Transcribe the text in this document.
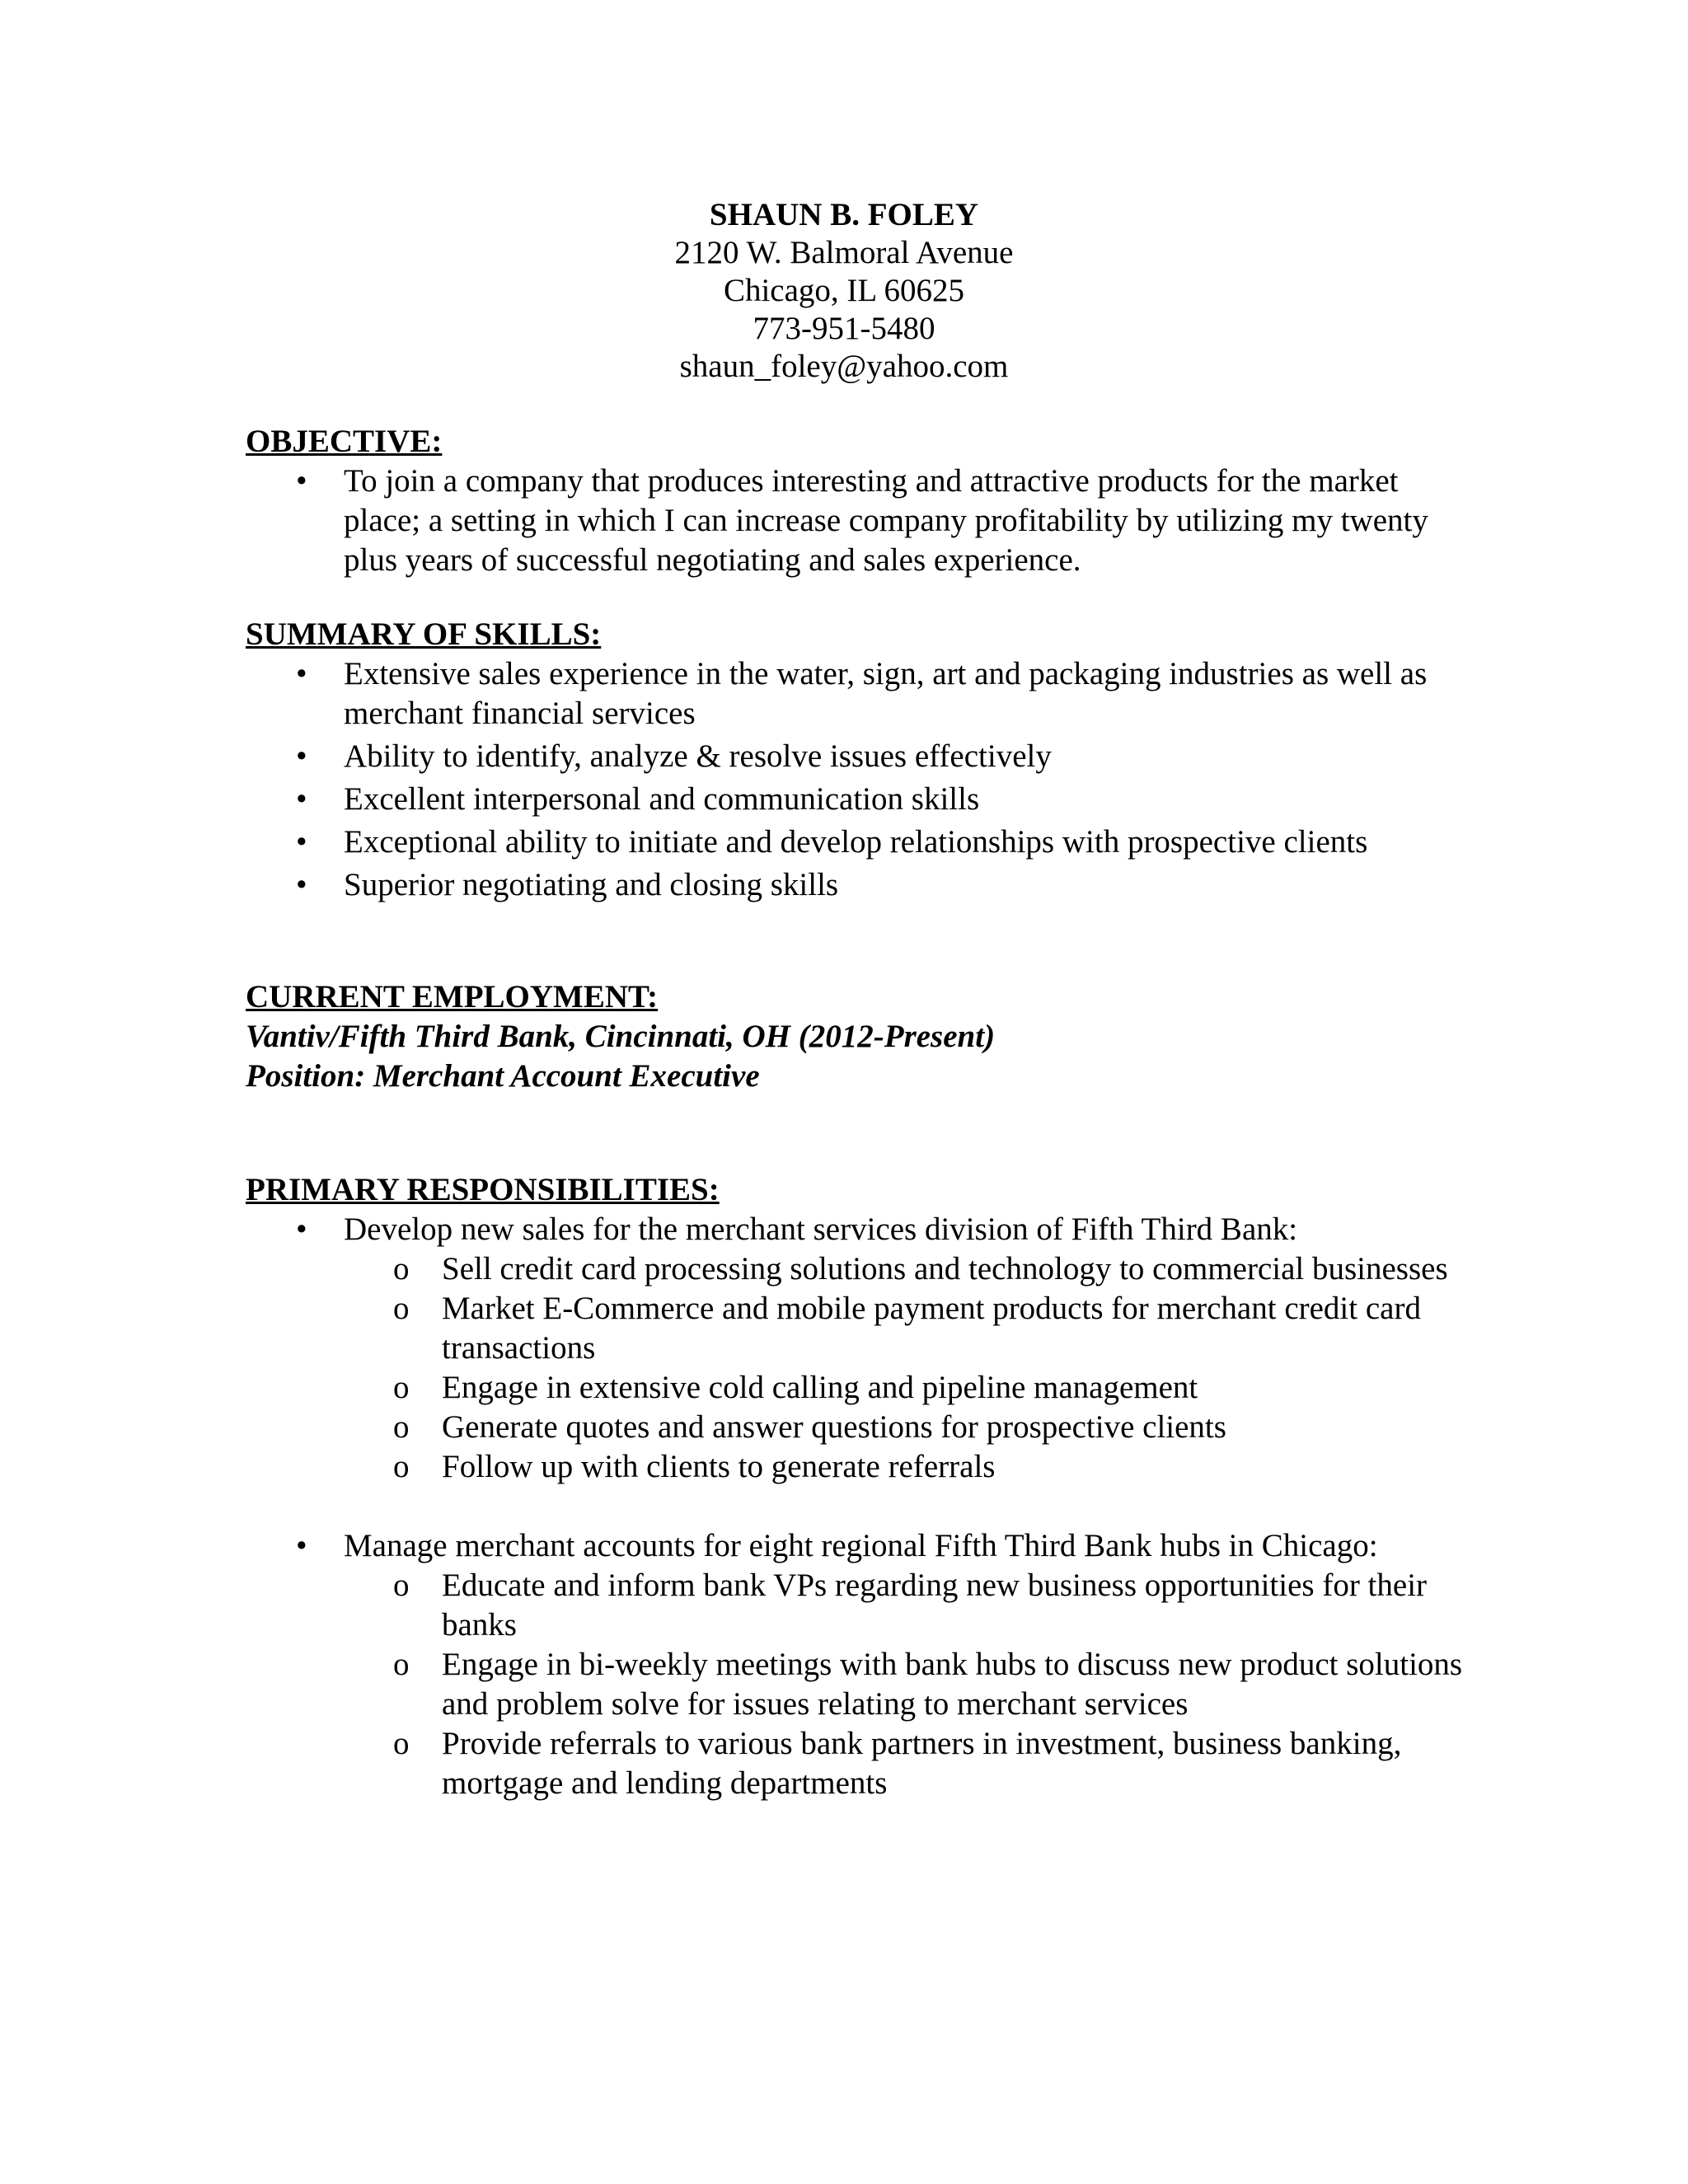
SHAUN B. FOLEY
2120 W. Balmoral Avenue
Chicago, IL 60625
773-951-5480
shaun_foley@yahoo.com
OBJECTIVE:
• To join a company that produces interesting and attractive products for the market place; a setting in which I can increase company profitability by utilizing my twenty plus years of successful negotiating and sales experience.
SUMMARY OF SKILLS:
• Extensive sales experience in the water, sign, art and packaging industries as well as merchant financial services
• Ability to identify, analyze & resolve issues effectively
• Excellent interpersonal and communication skills
• Exceptional ability to initiate and develop relationships with prospective clients
• Superior negotiating and closing skills
CURRENT EMPLOYMENT:
Vantiv/Fifth Third Bank, Cincinnati, OH (2012-Present)
Position: Merchant Account Executive
PRIMARY RESPONSIBILITIES:
• Develop new sales for the merchant services division of Fifth Third Bank:
o Sell credit card processing solutions and technology to commercial businesses
o Market E-Commerce and mobile payment products for merchant credit card transactions
o Engage in extensive cold calling and pipeline management
o Generate quotes and answer questions for prospective clients
o Follow up with clients to generate referrals
• Manage merchant accounts for eight regional Fifth Third Bank hubs in Chicago:
o Educate and inform bank VPs regarding new business opportunities for their banks
o Engage in bi-weekly meetings with bank hubs to discuss new product solutions and problem solve for issues relating to merchant services
o Provide referrals to various bank partners in investment, business banking, mortgage and lending departments
